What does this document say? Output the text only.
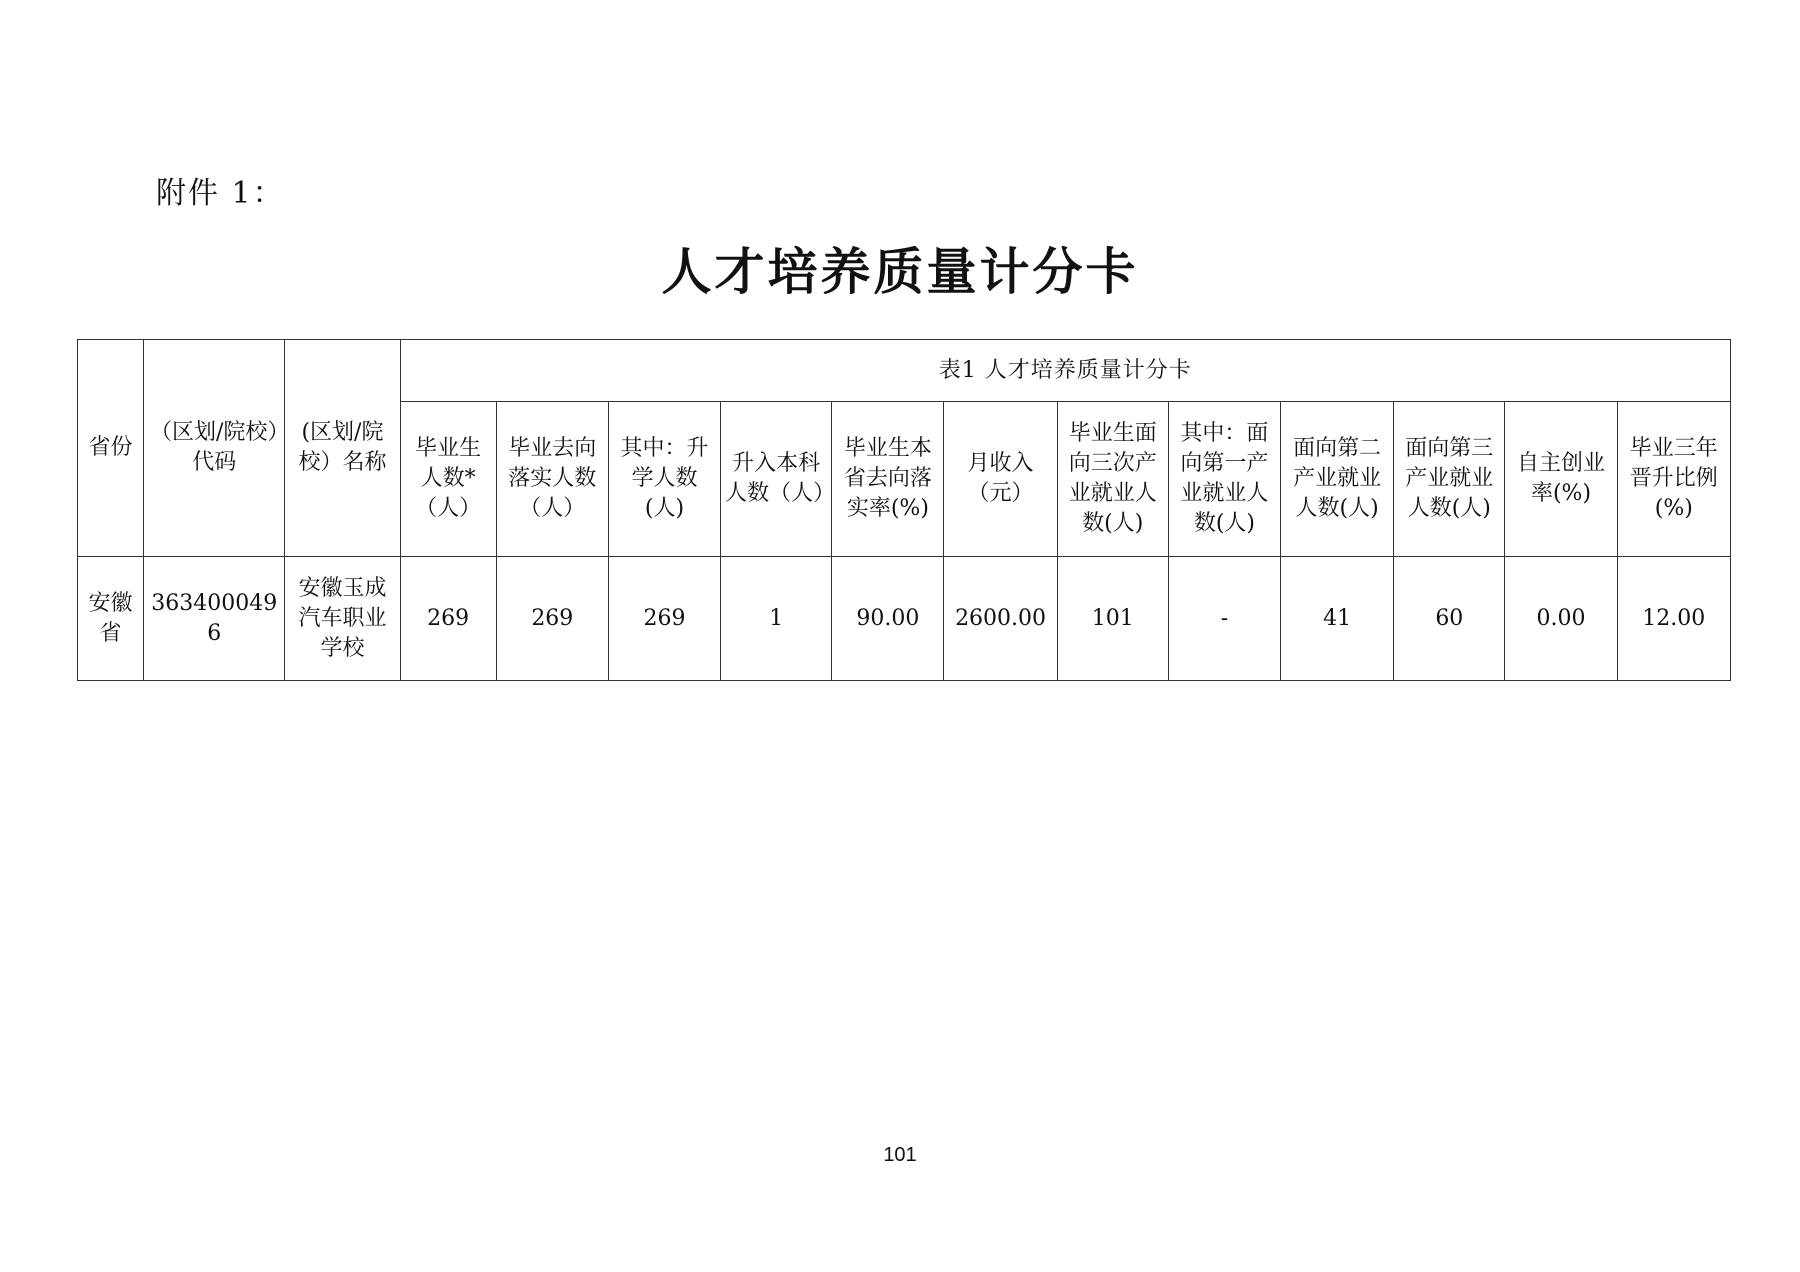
附件 1：
人才培养质量计分卡
省份	（区划/院校）代码	(区划/院校）名称	表1 人才培养质量计分卡											
			毕业生人数*（人）	毕业去向落实人数（人）	其中：升学人数(人)	升入本科人数（人）	毕业生本省去向落实率(%)	月收入（元）	毕业生面向三次产业就业人数(人)	其中：面向第一产业就业人数(人)	面向第二产业就业人数(人)	面向第三产业就业人数(人)	自主创业率(%)	毕业三年晋升比例(%)
安徽省	3634000496	安徽玉成汽车职业学校	269	269	269	1	90.00	2600.00	101	-	41	60	0.00	12.00
101
